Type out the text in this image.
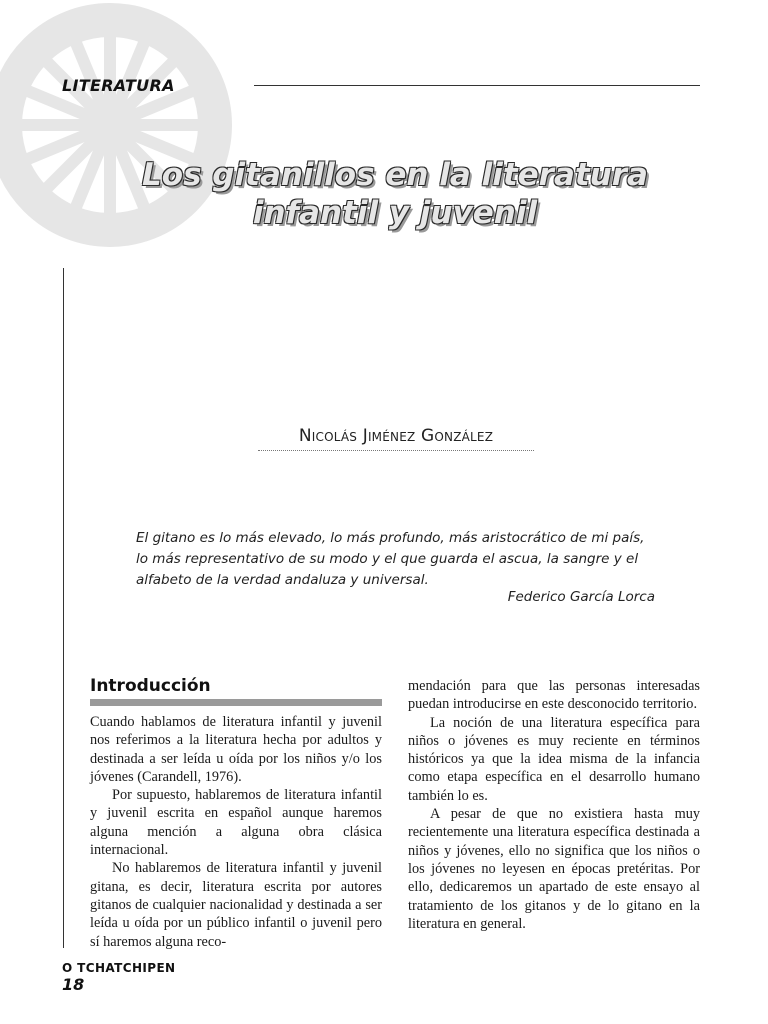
LITERATURA
Los gitanillos en la literatura
infantil y juvenil
Nicolás Jiménez González
El gitano es lo más elevado, lo más profundo, más aristocrático de mi país, lo más representativo de su modo y el que guarda el ascua, la sangre y el alfabeto de la verdad andaluza y universal.
Federico García Lorca
Introducción

Cuando hablamos de literatura infantil y juvenil nos referimos a la literatura hecha por adultos y destinada a ser leída u oída por los niños y/o los jóvenes (Carandell, 1976).

Por supuesto, hablaremos de literatura infantil y juvenil escrita en español aunque haremos alguna mención a alguna obra clásica internacional.

No hablaremos de literatura infantil y juvenil gitana, es decir, literatura escrita por autores gitanos de cualquier nacionalidad y destinada a ser leída u oída por un público infantil o juvenil pero sí haremos alguna reco-

mendación para que las personas interesadas puedan introducirse en este desconocido territorio.

La noción de una literatura específica para niños o jóvenes es muy reciente en términos históricos ya que la idea misma de la infancia como etapa específica en el desarrollo humano también lo es.

A pesar de que no existiera hasta muy recientemente una literatura específica destinada a niños y jóvenes, ello no significa que los niños o los jóvenes no leyesen en épocas pretéritas. Por ello, dedicaremos un apartado de este ensayo al tratamiento de los gitanos y de lo gitano en la literatura en general.

O TCHATCHIPEN
18
